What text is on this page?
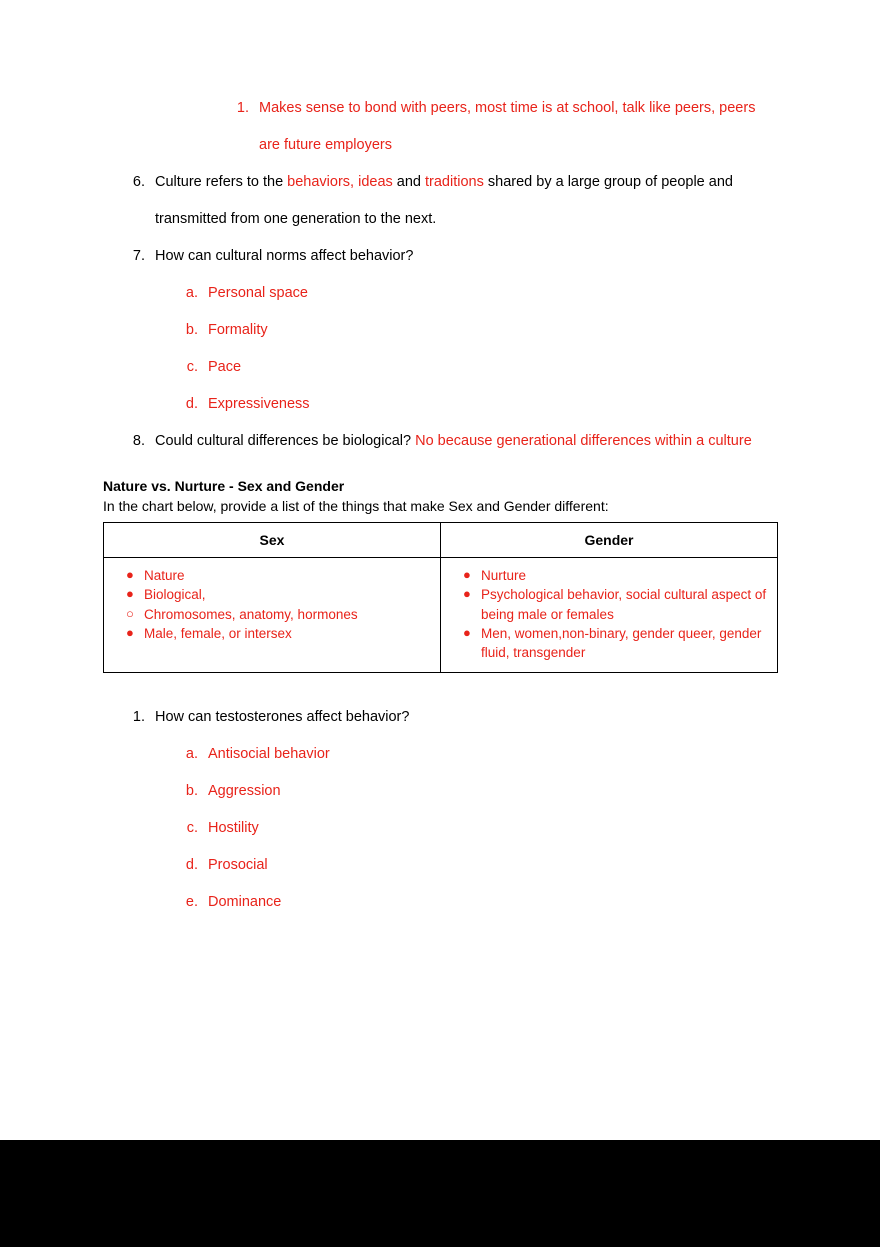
1. Makes sense to bond with peers, most time is at school, talk like peers, peers are future employers
6. Culture refers to the behaviors, ideas and traditions shared by a large group of people and transmitted from one generation to the next.
7. How can cultural norms affect behavior?
a. Personal space
b. Formality
c. Pace
d. Expressiveness
8. Could cultural differences be biological? No because generational differences within a culture
Nature vs. Nurture - Sex and Gender
In the chart below, provide a list of the things that make Sex and Gender different:
Sex	Gender

● Nature
● Biological,
○ Chromosomes, anatomy, hormones
● Male, female, or intersex

● Nurture
● Psychological behavior, social cultural aspect of being male or females
● Men, women,non-binary, gender queer, gender fluid, transgender
1. How can testosterones affect behavior?
a. Antisocial behavior
b. Aggression
c. Hostility
d. Prosocial
e. Dominance
